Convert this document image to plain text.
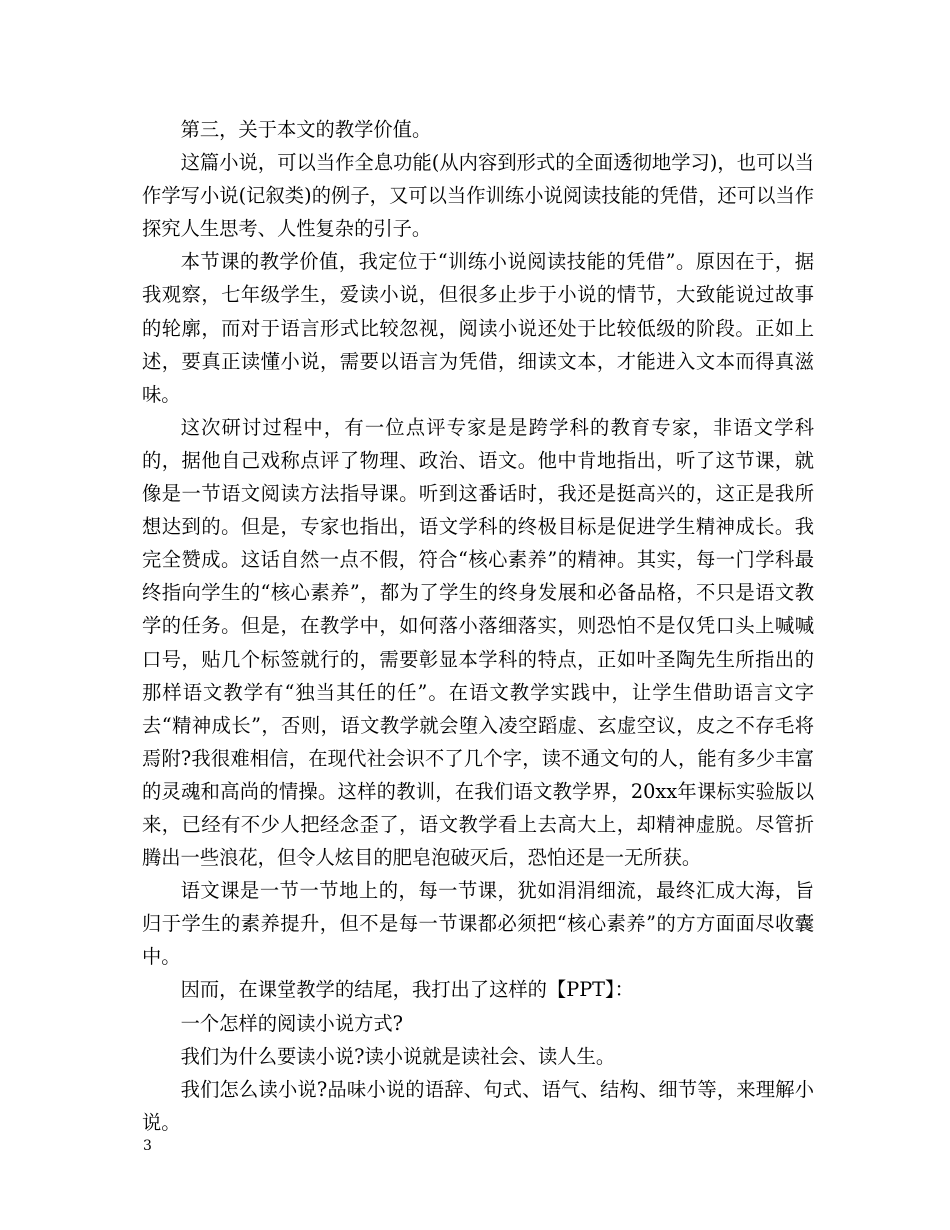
第三，关于本文的教学价值。

这篇小说，可以当作全息功能(从内容到形式的全面透彻地学习)，也可以当作学写小说(记叙类)的例子，又可以当作训练小说阅读技能的凭借，还可以当作探究人生思考、人性复杂的引子。

本节课的教学价值，我定位于“训练小说阅读技能的凭借”。原因在于，据我观察，七年级学生，爱读小说，但很多止步于小说的情节，大致能说过故事的轮廓，而对于语言形式比较忽视，阅读小说还处于比较低级的阶段。正如上述，要真正读懂小说，需要以语言为凭借，细读文本，才能进入文本而得真滋味。

这次研讨过程中，有一位点评专家是是跨学科的教育专家，非语文学科的，据他自己戏称点评了物理、政治、语文。他中肯地指出，听了这节课，就像是一节语文阅读方法指导课。听到这番话时，我还是挺高兴的，这正是我所想达到的。但是，专家也指出，语文学科的终极目标是促进学生精神成长。我完全赞成。这话自然一点不假，符合“核心素养”的精神。其实，每一门学科最终指向学生的“核心素养”，都为了学生的终身发展和必备品格，不只是语文教学的任务。但是，在教学中，如何落小落细落实，则恐怕不是仅凭口头上喊喊口号，贴几个标签就行的，需要彰显本学科的特点，正如叶圣陶先生所指出的那样语文教学有“独当其任的任”。在语文教学实践中，让学生借助语言文字去“精神成长”，否则，语文教学就会堕入凌空蹈虚、玄虚空议，皮之不存毛将焉附?我很难相信，在现代社会识不了几个字，读不通文句的人，能有多少丰富的灵魂和高尚的情操。这样的教训，在我们语文教学界，20xx年课标实验版以来，已经有不少人把经念歪了，语文教学看上去高大上，却精神虚脱。尽管折腾出一些浪花，但令人炫目的肥皂泡破灭后，恐怕还是一无所获。

语文课是一节一节地上的，每一节课，犹如涓涓细流，最终汇成大海，旨归于学生的素养提升，但不是每一节课都必须把“核心素养”的方方面面尽收囊中。

因而，在课堂教学的结尾，我打出了这样的【PPT】：

一个怎样的阅读小说方式?

我们为什么要读小说?读小说就是读社会、读人生。

我们怎么读小说?品味小说的语辞、句式、语气、结构、细节等，来理解小说。

3
